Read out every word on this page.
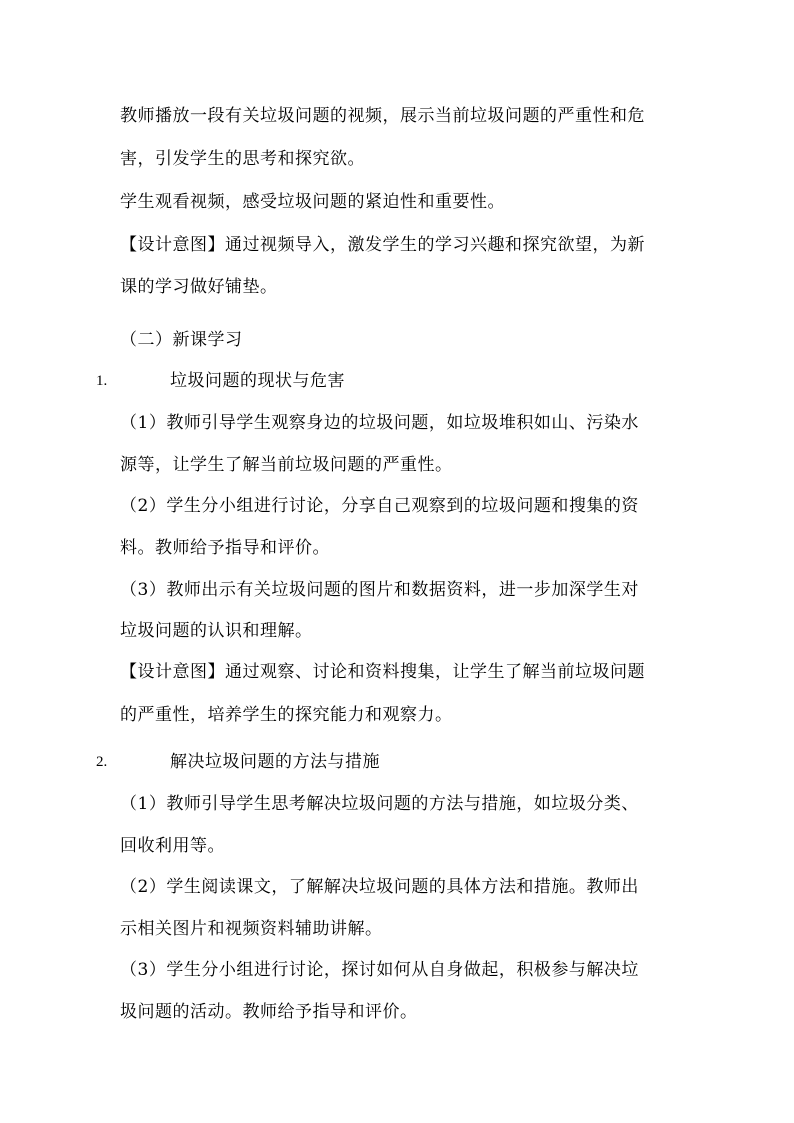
教师播放一段有关垃圾问题的视频，展示当前垃圾问题的严重性和危
害，引发学生的思考和探究欲。
学生观看视频，感受垃圾问题的紧迫性和重要性。
【设计意图】通过视频导入，激发学生的学习兴趣和探究欲望，为新
课的学习做好铺垫。
（二）新课学习
1.	垃圾问题的现状与危害
（1）教师引导学生观察身边的垃圾问题，如垃圾堆积如山、污染水
源等，让学生了解当前垃圾问题的严重性。
（2）学生分小组进行讨论，分享自己观察到的垃圾问题和搜集的资
料。教师给予指导和评价。
（3）教师出示有关垃圾问题的图片和数据资料，进一步加深学生对
垃圾问题的认识和理解。
【设计意图】通过观察、讨论和资料搜集，让学生了解当前垃圾问题
的严重性，培养学生的探究能力和观察力。
2.	解决垃圾问题的方法与措施
（1）教师引导学生思考解决垃圾问题的方法与措施，如垃圾分类、
回收利用等。
（2）学生阅读课文，了解解决垃圾问题的具体方法和措施。教师出
示相关图片和视频资料辅助讲解。
（3）学生分小组进行讨论，探讨如何从自身做起，积极参与解决垃
圾问题的活动。教师给予指导和评价。
